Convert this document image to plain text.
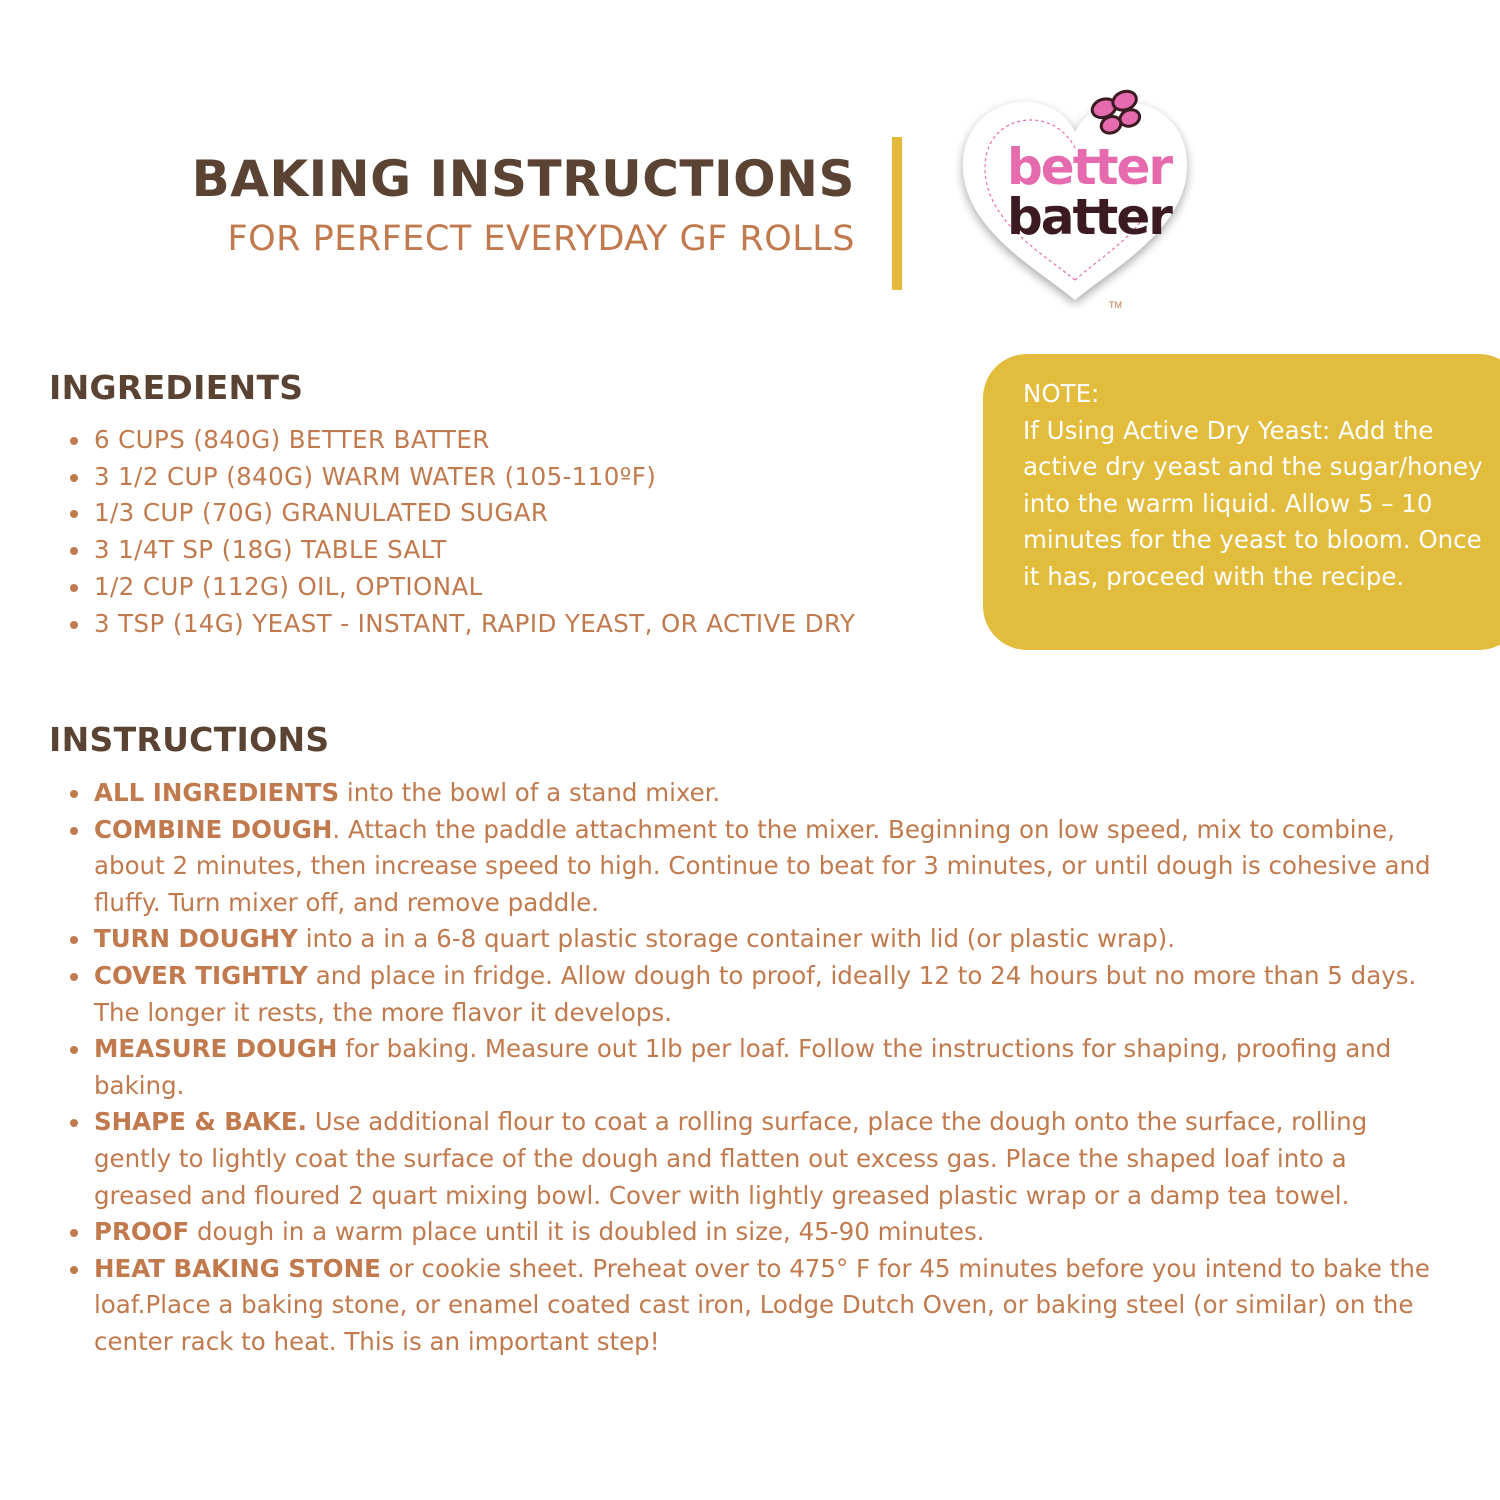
BAKING INSTRUCTIONS
FOR PERFECT EVERYDAY GF ROLLS
better
batter
TM
NOTE:
If Using Active Dry Yeast: Add the active dry yeast and the sugar/honey into the warm liquid. Allow 5 – 10 minutes for the yeast to bloom. Once it has, proceed with the recipe.
INGREDIENTS
6 CUPS (840G) BETTER BATTER
3 1/2 CUP (840G) WARM WATER (105-110ºF)
1/3 CUP (70G) GRANULATED SUGAR
3 1/4T SP (18G) TABLE SALT
1/2 CUP (112G) OIL, OPTIONAL
3 TSP (14G) YEAST - INSTANT, RAPID YEAST, OR ACTIVE DRY
INSTRUCTIONS
ALL INGREDIENTS into the bowl of a stand mixer.
COMBINE DOUGH. Attach the paddle attachment to the mixer. Beginning on low speed, mix to combine, about 2 minutes, then increase speed to high. Continue to beat for 3 minutes, or until dough is cohesive and fluffy. Turn mixer off, and remove paddle.
TURN DOUGHY into a in a 6-8 quart plastic storage container with lid (or plastic wrap).
COVER TIGHTLY and place in fridge. Allow dough to proof, ideally 12 to 24 hours but no more than 5 days. The longer it rests, the more flavor it develops.
MEASURE DOUGH for baking. Measure out 1lb per loaf. Follow the instructions for shaping, proofing and baking.
SHAPE & BAKE. Use additional flour to coat a rolling surface, place the dough onto the surface, rolling gently to lightly coat the surface of the dough and flatten out excess gas. Place the shaped loaf into a greased and floured 2 quart mixing bowl. Cover with lightly greased plastic wrap or a damp tea towel.
PROOF dough in a warm place until it is doubled in size, 45-90 minutes.
HEAT BAKING STONE or cookie sheet. Preheat over to 475° F for 45 minutes before you intend to bake the loaf.Place a baking stone, or enamel coated cast iron, Lodge Dutch Oven, or baking steel (or similar) on the center rack to heat. This is an important step!
